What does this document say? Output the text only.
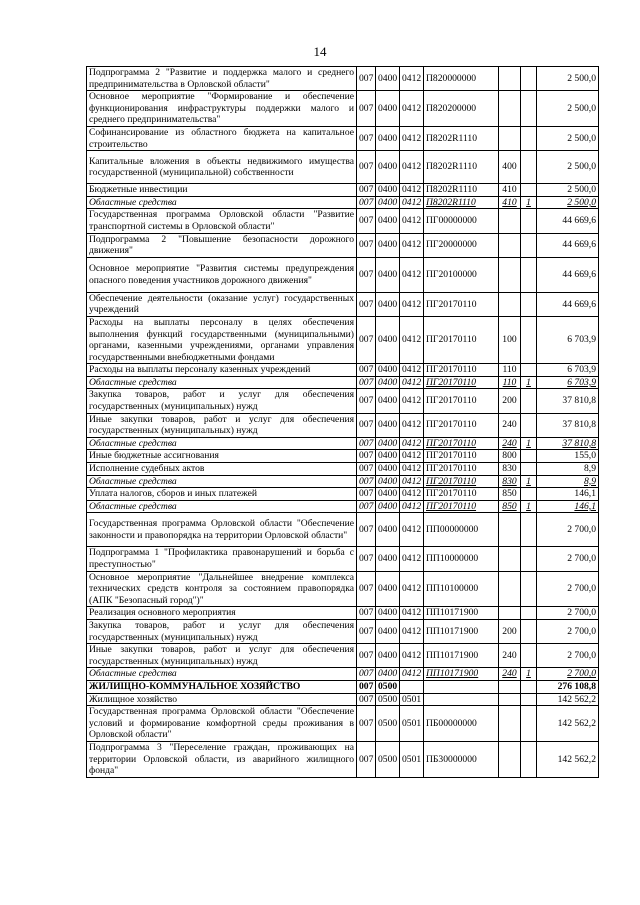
14
Подпрограмма 2 "Развитие и поддержка малого и среднего предпринимательства в Орловской области"	007	0400	0412	П820000000			2 500,0
Основное мероприятие "Формирование и обеспечение функционирования инфраструктуры поддержки малого и среднего предпринимательства"	007	0400	0412	П820200000			2 500,0
Софинансирование из областного бюджета на капитальное строительство	007	0400	0412	П8202R1110			2 500,0
Капитальные вложения в объекты недвижимого имущества государственной (муниципальной) собственности	007	0400	0412	П8202R1110	400		2 500,0
Бюджетные инвестиции	007	0400	0412	П8202R1110	410		2 500,0
Областные средства	007	0400	0412	П8202R1110	410	1	2 500,0
Государственная программа Орловской области "Развитие транспортной системы в Орловской области"	007	0400	0412	ПГ00000000			44 669,6
Подпрограмма 2 "Повышение безопасности дорожного движения"	007	0400	0412	ПГ20000000			44 669,6
Основное мероприятие "Развития системы предупреждения опасного поведения участников дорожного движения"	007	0400	0412	ПГ20100000			44 669,6
Обеспечение деятельности (оказание услуг) государственных учреждений	007	0400	0412	ПГ20170110			44 669,6
Расходы на выплаты персоналу в целях обеспечения выполнения функций государственными (муниципальными) органами, казенными учреждениями, органами управления государственными внебюджетными фондами	007	0400	0412	ПГ20170110	100		6 703,9
Расходы на выплаты персоналу казенных учреждений	007	0400	0412	ПГ20170110	110		6 703,9
Областные средства	007	0400	0412	ПГ20170110	110	1	6 703,9
Закупка товаров, работ и услуг для обеспечения государственных (муниципальных) нужд	007	0400	0412	ПГ20170110	200		37 810,8
Иные закупки товаров, работ и услуг для обеспечения государственных (муниципальных) нужд	007	0400	0412	ПГ20170110	240		37 810,8
Областные средства	007	0400	0412	ПГ20170110	240	1	37 810,8
Иные бюджетные ассигнования	007	0400	0412	ПГ20170110	800		155,0
Исполнение судебных актов	007	0400	0412	ПГ20170110	830		8,9
Областные средства	007	0400	0412	ПГ20170110	830	1	8,9
Уплата налогов, сборов и иных платежей	007	0400	0412	ПГ20170110	850		146,1
Областные средства	007	0400	0412	ПГ20170110	850	1	146,1
Государственная программа Орловской области "Обеспечение законности и правопорядка на территории Орловской области"	007	0400	0412	ПП00000000			2 700,0
Подпрограмма 1 "Профилактика правонарушений и борьба с преступностью"	007	0400	0412	ПП10000000			2 700,0
Основное мероприятие "Дальнейшее внедрение комплекса технических средств контроля за состоянием правопорядка (АПК "Безопасный город")"	007	0400	0412	ПП10100000			2 700,0
Реализация основного мероприятия	007	0400	0412	ПП10171900			2 700,0
Закупка товаров, работ и услуг для обеспечения государственных (муниципальных) нужд	007	0400	0412	ПП10171900	200		2 700,0
Иные закупки товаров, работ и услуг для обеспечения государственных (муниципальных) нужд	007	0400	0412	ПП10171900	240		2 700,0
Областные средства	007	0400	0412	ПП10171900	240	1	2 700,0
ЖИЛИЩНО-КОММУНАЛЬНОЕ ХОЗЯЙСТВО	007	0500					276 108,8
Жилищное хозяйство	007	0500	0501				142 562,2
Государственная программа Орловской области "Обеспечение условий и формирование комфортной среды проживания в Орловской области"	007	0500	0501	ПБ00000000			142 562,2
Подпрограмма 3 "Переселение граждан, проживающих на территории Орловской области, из аварийного жилищного фонда"	007	0500	0501	ПБ30000000			142 562,2
